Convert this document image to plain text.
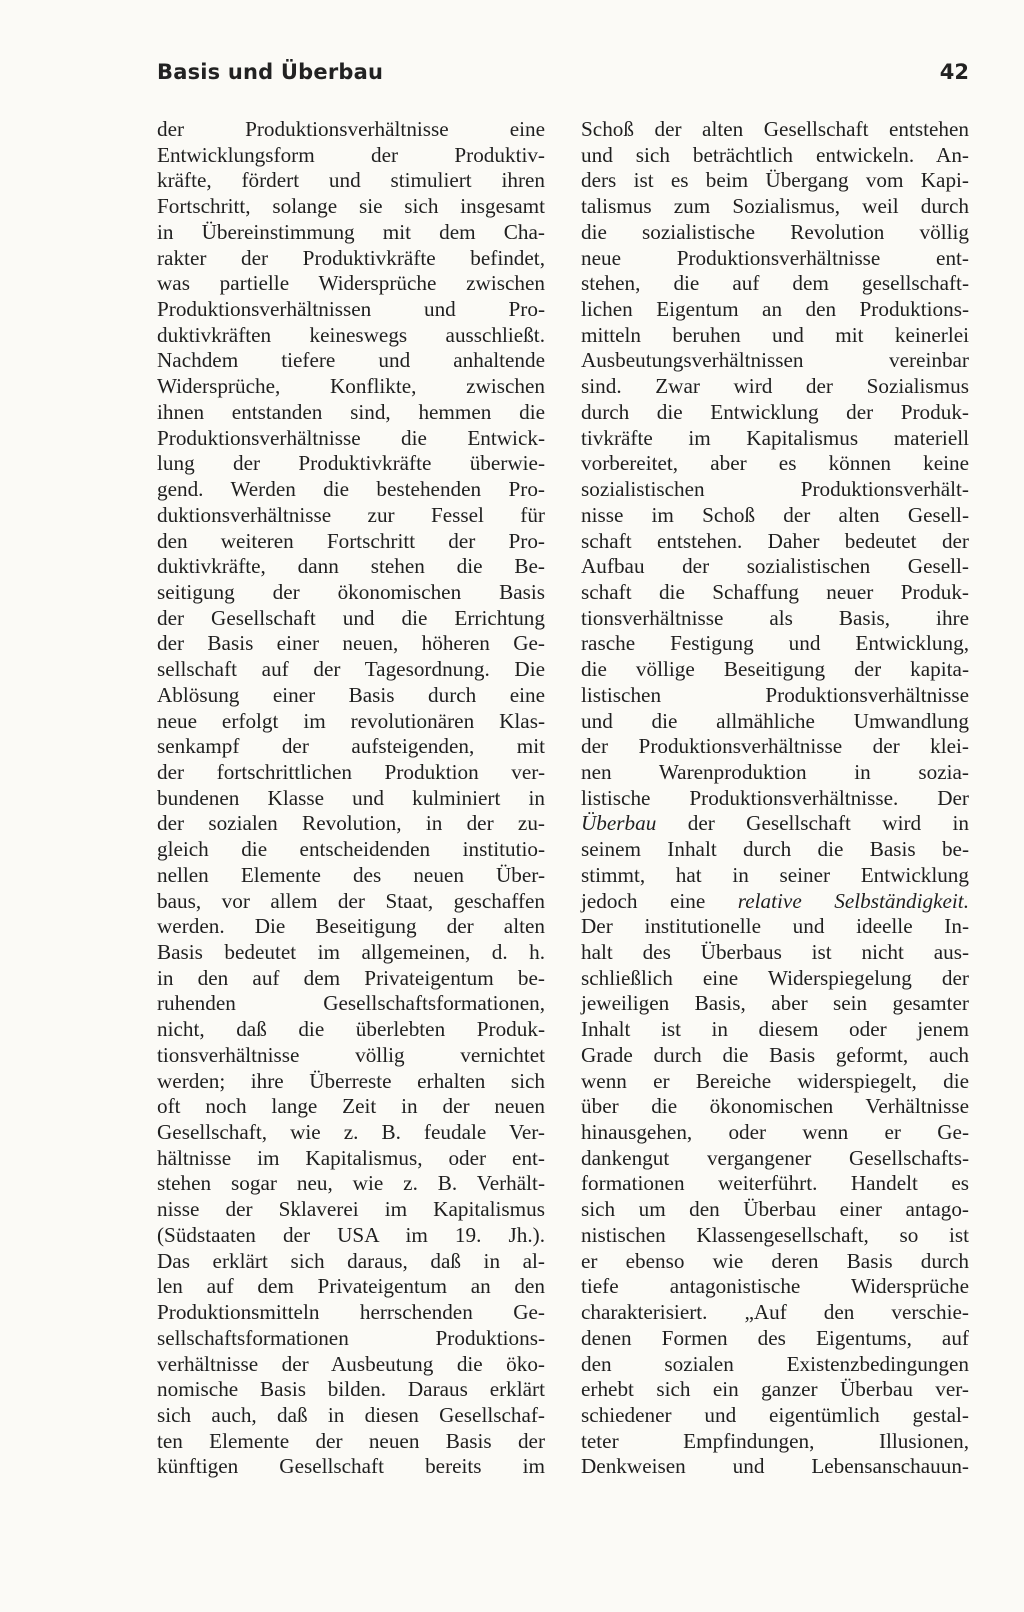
Basis und Überbau	42
der Produktionsverhältnisse eine
Entwicklungsform der Produktiv-
kräfte, fördert und stimuliert ihren
Fortschritt, solange sie sich insgesamt
in Übereinstimmung mit dem Cha-
rakter der Produktivkräfte befindet,
was partielle Widersprüche zwischen
Produktionsverhältnissen und Pro-
duktivkräften keineswegs ausschließt.
Nachdem tiefere und anhaltende
Widersprüche, Konflikte, zwischen
ihnen entstanden sind, hemmen die
Produktionsverhältnisse die Entwick-
lung der Produktivkräfte überwie-
gend. Werden die bestehenden Pro-
duktionsverhältnisse zur Fessel für
den weiteren Fortschritt der Pro-
duktivkräfte, dann stehen die Be-
seitigung der ökonomischen Basis
der Gesellschaft und die Errichtung
der Basis einer neuen, höheren Ge-
sellschaft auf der Tagesordnung. Die
Ablösung einer Basis durch eine
neue erfolgt im revolutionären Klas-
senkampf der aufsteigenden, mit
der fortschrittlichen Produktion ver-
bundenen Klasse und kulminiert in
der sozialen Revolution, in der zu-
gleich die entscheidenden institutio-
nellen Elemente des neuen Über-
baus, vor allem der Staat, geschaffen
werden. Die Beseitigung der alten
Basis bedeutet im allgemeinen, d. h.
in den auf dem Privateigentum be-
ruhenden Gesellschaftsformationen,
nicht, daß die überlebten Produk-
tionsverhältnisse völlig vernichtet
werden; ihre Überreste erhalten sich
oft noch lange Zeit in der neuen
Gesellschaft, wie z. B. feudale Ver-
hältnisse im Kapitalismus, oder ent-
stehen sogar neu, wie z. B. Verhält-
nisse der Sklaverei im Kapitalismus
(Südstaaten der USA im 19. Jh.).
Das erklärt sich daraus, daß in al-
len auf dem Privateigentum an den
Produktionsmitteln herrschenden Ge-
sellschaftsformationen Produktions-
verhältnisse der Ausbeutung die öko-
nomische Basis bilden. Daraus erklärt
sich auch, daß in diesen Gesellschaf-
ten Elemente der neuen Basis der
künftigen Gesellschaft bereits im
Schoß der alten Gesellschaft entstehen
und sich beträchtlich entwickeln. An-
ders ist es beim Übergang vom Kapi-
talismus zum Sozialismus, weil durch
die sozialistische Revolution völlig
neue Produktionsverhältnisse ent-
stehen, die auf dem gesellschaft-
lichen Eigentum an den Produktions-
mitteln beruhen und mit keinerlei
Ausbeutungsverhältnissen vereinbar
sind. Zwar wird der Sozialismus
durch die Entwicklung der Produk-
tivkräfte im Kapitalismus materiell
vorbereitet, aber es können keine
sozialistischen Produktionsverhält-
nisse im Schoß der alten Gesell-
schaft entstehen. Daher bedeutet der
Aufbau der sozialistischen Gesell-
schaft die Schaffung neuer Produk-
tionsverhältnisse als Basis, ihre
rasche Festigung und Entwicklung,
die völlige Beseitigung der kapita-
listischen Produktionsverhältnisse
und die allmähliche Umwandlung
der Produktionsverhältnisse der klei-
nen Warenproduktion in sozia-
listische Produktionsverhältnisse. Der
Überbau der Gesellschaft wird in
seinem Inhalt durch die Basis be-
stimmt, hat in seiner Entwicklung
jedoch eine relative Selbständigkeit.
Der institutionelle und ideelle In-
halt des Überbaus ist nicht aus-
schließlich eine Widerspiegelung der
jeweiligen Basis, aber sein gesamter
Inhalt ist in diesem oder jenem
Grade durch die Basis geformt, auch
wenn er Bereiche widerspiegelt, die
über die ökonomischen Verhältnisse
hinausgehen, oder wenn er Ge-
dankengut vergangener Gesellschafts-
formationen weiterführt. Handelt es
sich um den Überbau einer antago-
nistischen Klassengesellschaft, so ist
er ebenso wie deren Basis durch
tiefe antagonistische Widersprüche
charakterisiert. „Auf den verschie-
denen Formen des Eigentums, auf
den sozialen Existenzbedingungen
erhebt sich ein ganzer Überbau ver-
schiedener und eigentümlich gestal-
teter Empfindungen, Illusionen,
Denkweisen und Lebensanschauun-
